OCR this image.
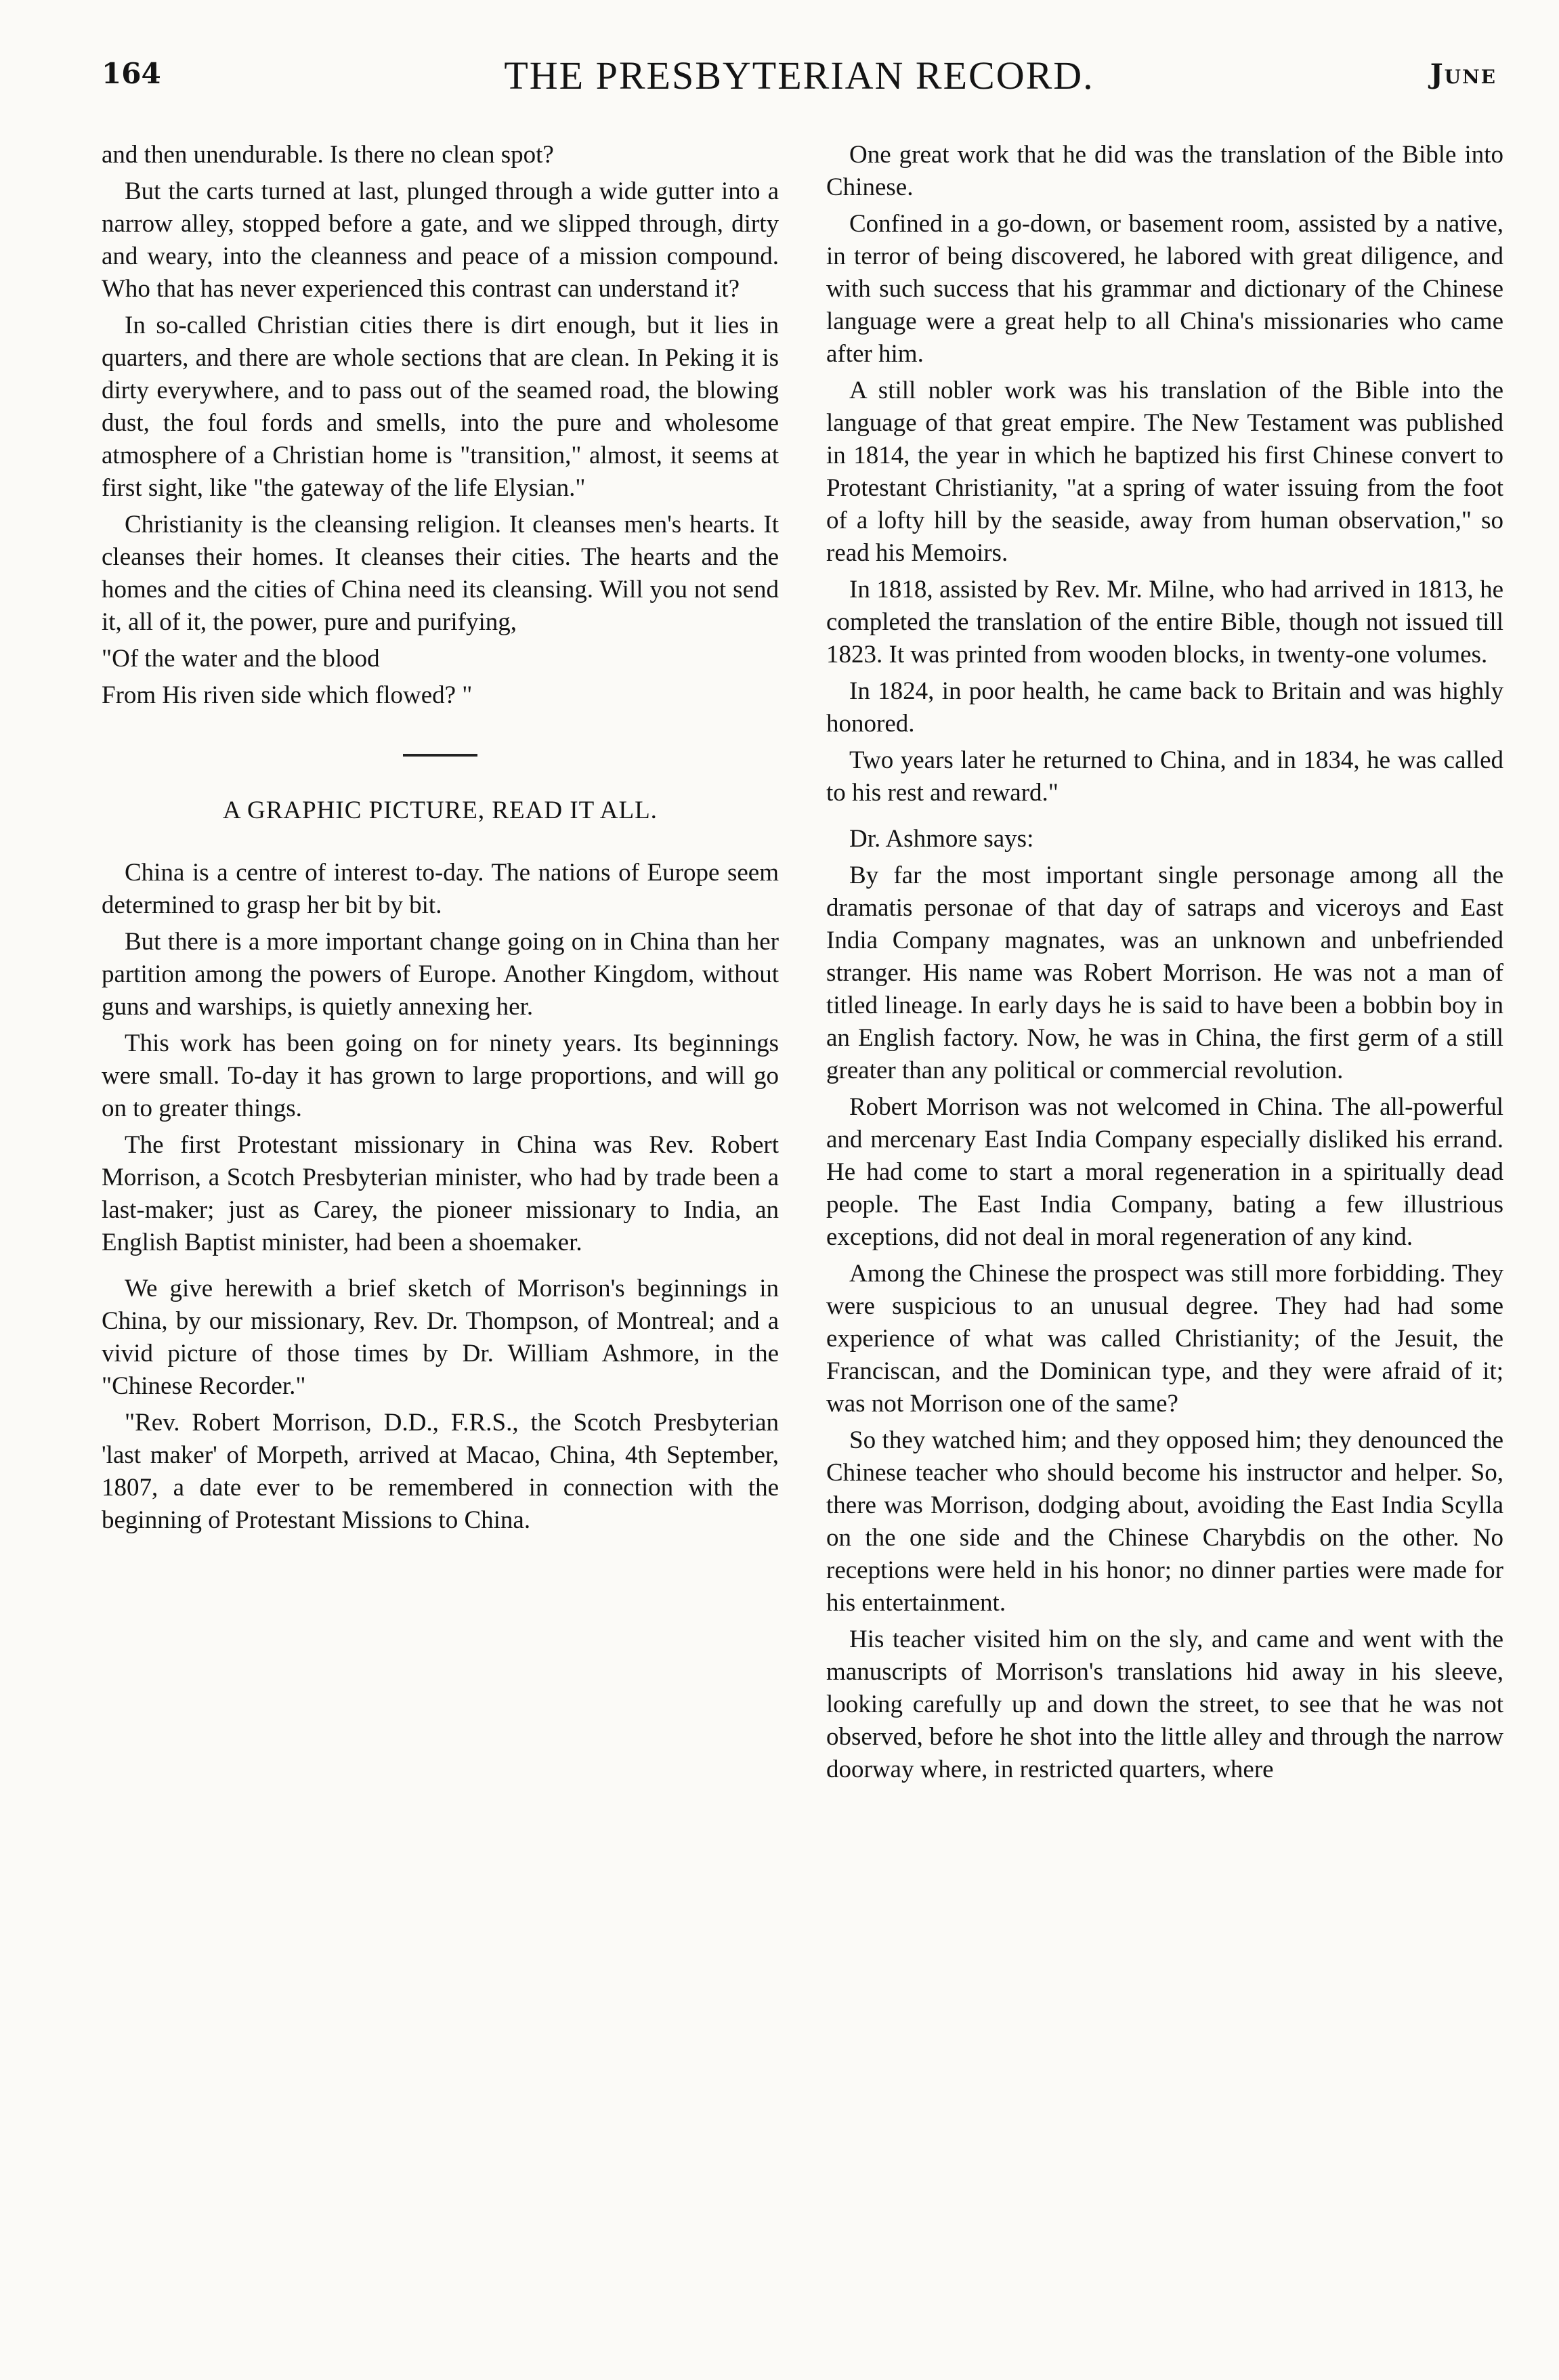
164	THE PRESBYTERIAN RECORD.	June

and then unendurable. Is there no clean spot?

But the carts turned at last, plunged through a wide gutter into a narrow alley, stopped before a gate, and we slipped through, dirty and weary, into the cleanness and peace of a mission compound. Who that has never experienced this contrast can understand it?

In so-called Christian cities there is dirt enough, but it lies in quarters, and there are whole sections that are clean. In Peking it is dirty everywhere, and to pass out of the seamed road, the blowing dust, the foul fords and smells, into the pure and wholesome atmosphere of a Christian home is "transition," almost, it seems at first sight, like "the gateway of the life Elysian."

Christianity is the cleansing religion. It cleanses men's hearts. It cleanses their homes. It cleanses their cities. The hearts and the homes and the cities of China need its cleansing. Will you not send it, all of it, the power, pure and purifying,

"Of the water and the blood

From His riven side which flowed? "

A GRAPHIC PICTURE, READ IT ALL.

China is a centre of interest to-day. The nations of Europe seem determined to grasp her bit by bit.

But there is a more important change going on in China than her partition among the powers of Europe. Another Kingdom, without guns and warships, is quietly annexing her.

This work has been going on for ninety years. Its beginnings were small. To-day it has grown to large proportions, and will go on to greater things.

The first Protestant missionary in China was Rev. Robert Morrison, a Scotch Presbyterian minister, who had by trade been a last-maker; just as Carey, the pioneer missionary to India, an English Baptist minister, had been a shoemaker.

We give herewith a brief sketch of Morrison's beginnings in China, by our missionary, Rev. Dr. Thompson, of Montreal; and a vivid picture of those times by Dr. William Ashmore, in the "Chinese Recorder."

"Rev. Robert Morrison, D.D., F.R.S., the Scotch Presbyterian 'last maker' of Morpeth, arrived at Macao, China, 4th September, 1807, a date ever to be remembered in connection with the beginning of Protestant Missions to China.

One great work that he did was the translation of the Bible into Chinese.

Confined in a go-down, or basement room, assisted by a native, in terror of being discovered, he labored with great diligence, and with such success that his grammar and dictionary of the Chinese language were a great help to all China's missionaries who came after him.

A still nobler work was his translation of the Bible into the language of that great empire. The New Testament was published in 1814, the year in which he baptized his first Chinese convert to Protestant Christianity, "at a spring of water issuing from the foot of a lofty hill by the seaside, away from human observation," so read his Memoirs.

In 1818, assisted by Rev. Mr. Milne, who had arrived in 1813, he completed the translation of the entire Bible, though not issued till 1823. It was printed from wooden blocks, in twenty-one volumes.

In 1824, in poor health, he came back to Britain and was highly honored.

Two years later he returned to China, and in 1834, he was called to his rest and reward."

Dr. Ashmore says:

By far the most important single personage among all the dramatis personae of that day of satraps and viceroys and East India Company magnates, was an unknown and unbefriended stranger. His name was Robert Morrison. He was not a man of titled lineage. In early days he is said to have been a bobbin boy in an English factory. Now, he was in China, the first germ of a still greater than any political or commercial revolution.

Robert Morrison was not welcomed in China. The all-powerful and mercenary East India Company especially disliked his errand. He had come to start a moral regeneration in a spiritually dead people. The East India Company, bating a few illustrious exceptions, did not deal in moral regeneration of any kind.

Among the Chinese the prospect was still more forbidding. They were suspicious to an unusual degree. They had had some experience of what was called Christianity; of the Jesuit, the Franciscan, and the Dominican type, and they were afraid of it; was not Morrison one of the same?

So they watched him; and they opposed him; they denounced the Chinese teacher who should become his instructor and helper. So, there was Morrison, dodging about, avoiding the East India Scylla on the one side and the Chinese Charybdis on the other. No receptions were held in his honor; no dinner parties were made for his entertainment.

His teacher visited him on the sly, and came and went with the manuscripts of Morrison's translations hid away in his sleeve, looking carefully up and down the street, to see that he was not observed, before he shot into the little alley and through the narrow doorway where, in restricted quarters, where
